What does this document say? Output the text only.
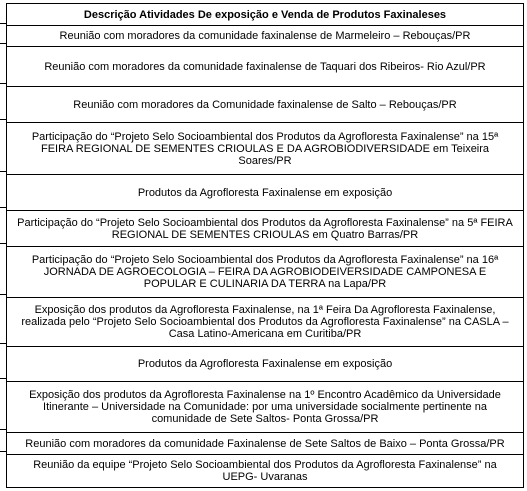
Descrição Atividades De exposição e Venda de Produtos Faxinaleses
Reunião com moradores da comunidade faxinalense de Marmeleiro – Rebouças/PR
Reunião com moradores da comunidade faxinalense de Taquari dos Ribeiros- Rio Azul/PR
Reunião com moradores da Comunidade faxinalense de Salto – Rebouças/PR
Participação do “Projeto Selo Socioambiental dos Produtos da Agrofloresta Faxinalense” na 15ª FEIRA REGIONAL DE SEMENTES CRIOULAS E DA AGROBIODIVERSIDADE em Teixeira Soares/PR
Produtos da Agrofloresta Faxinalense em exposição
Participação do “Projeto Selo Socioambiental dos Produtos da Agrofloresta Faxinalense” na 5ª FEIRA REGIONAL DE SEMENTES CRIOULAS em Quatro Barras/PR
Participação do “Projeto Selo Socioambiental dos Produtos da Agrofloresta Faxinalense” na 16ª JORNADA DE AGROECOLOGIA – FEIRA DA AGROBIODEIVERSIDADE CAMPONESA E POPULAR E CULINARIA DA TERRA na Lapa/PR
Exposição dos produtos da Agrofloresta Faxinalense, na 1ª Feira Da Agrofloresta Faxinalense, realizada pelo “Projeto Selo Socioambiental dos Produtos da Agrofloresta Faxinalense” na CASLA – Casa Latino-Americana em Curitiba/PR
Produtos da Agrofloresta Faxinalense em exposição
Exposição dos produtos da Agrofloresta Faxinalense na 1º Encontro Acadêmico da Universidade Itinerante – Universidade na Comunidade: por uma universidade socialmente pertinente na comunidade de Sete Saltos- Ponta Grossa/PR
Reunião com moradores da comunidade Faxinalense de Sete Saltos de Baixo – Ponta Grossa/PR
Reunião da equipe “Projeto Selo Socioambiental dos Produtos da Agrofloresta Faxinalense” na UEPG- Uvaranas
